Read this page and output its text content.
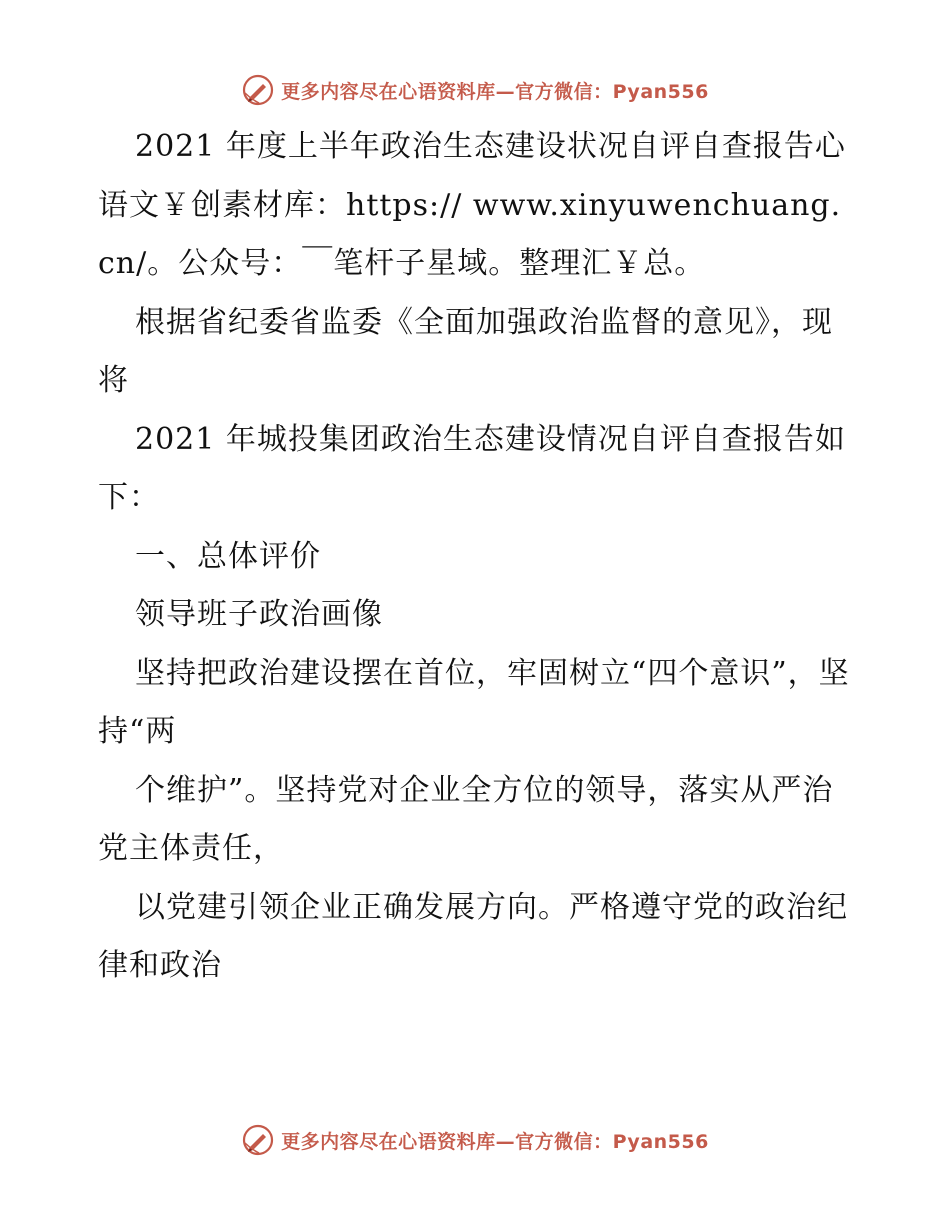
更多内容尽在心语资料库—官方微信：Pyan556

2021 年度上半年政治生态建设状况自评自查报告心语文￥创素材库：https:// www.xinyuwenchuang.cn/。公众号：￣笔杆子星域。整理汇￥总。

根据省纪委省监委《全面加强政治监督的意见》，现将

2021 年城投集团政治生态建设情况自评自查报告如下：

一、总体评价

领导班子政治画像

坚持把政治建设摆在首位，牢固树立“四个意识”，坚持“两

个维护”。坚持党对企业全方位的领导，落实从严治党主体责任，

以党建引领企业正确发展方向。严格遵守党的政治纪律和政治

更多内容尽在心语资料库—官方微信：Pyan556
